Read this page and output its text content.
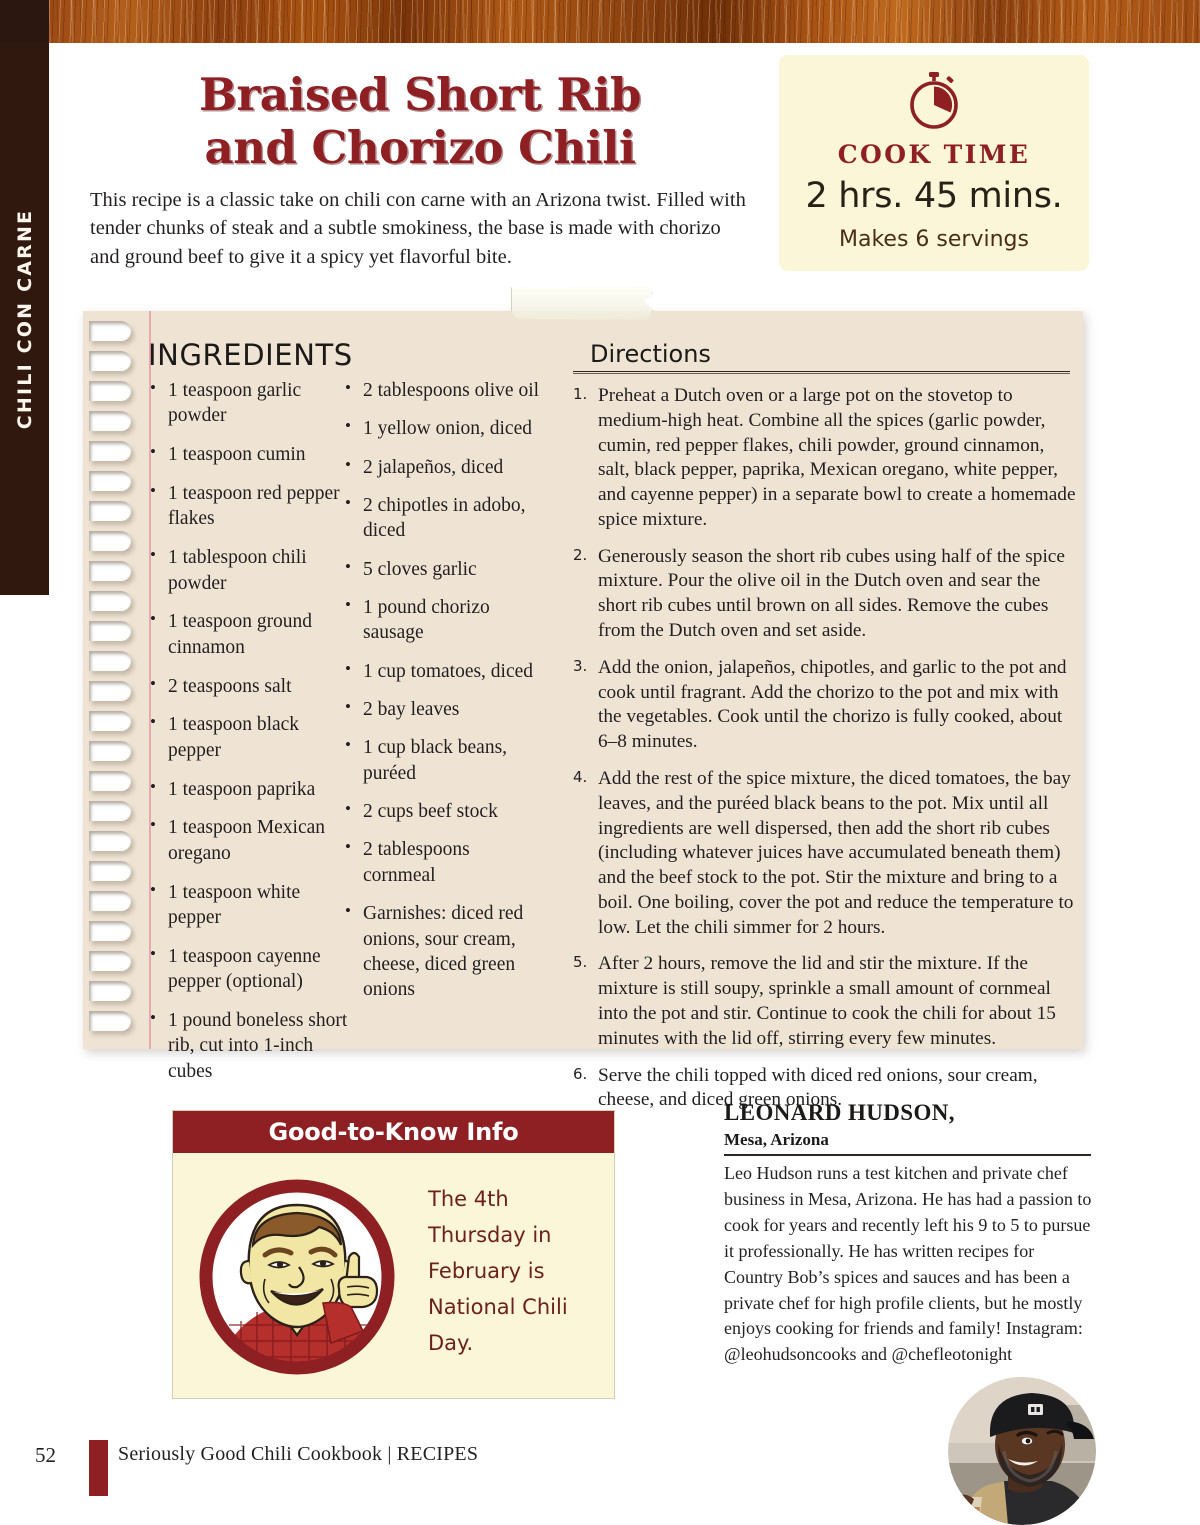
CHILI CON CARNE
Braised Short Rib
and Chorizo Chili
This recipe is a classic take on chili con carne with an Arizona twist. Filled with tender chunks of steak and a subtle smokiness, the base is made with chorizo and ground beef to give it a spicy yet flavorful bite.
COOK TIME
2 hrs. 45 mins.
Makes 6 servings
INGREDIENTS	Directions
• 1 teaspoon garlic powder
• 1 teaspoon cumin
• 1 teaspoon red pepper flakes
• 1 tablespoon chili powder
• 1 teaspoon ground cinnamon
• 2 teaspoons salt
• 1 teaspoon black pepper
• 1 teaspoon paprika
• 1 teaspoon Mexican oregano
• 1 teaspoon white pepper
• 1 teaspoon cayenne pepper (optional)
• 1 pound boneless short rib, cut into 1-inch cubes
• 2 tablespoons olive oil
• 1 yellow onion, diced
• 2 jalapeños, diced
• 2 chipotles in adobo, diced
• 5 cloves garlic
• 1 pound chorizo sausage
• 1 cup tomatoes, diced
• 2 bay leaves
• 1 cup black beans, puréed
• 2 cups beef stock
• 2 tablespoons cornmeal
• Garnishes: diced red onions, sour cream, cheese, diced green onions
Preheat a Dutch oven or a large pot on the stovetop to medium-high heat. Combine all the spices (garlic powder, cumin, red pepper flakes, chili powder, ground cinnamon, salt, black pepper, paprika, Mexican oregano, white pepper, and cayenne pepper) in a separate bowl to create a homemade spice mixture.
Generously season the short rib cubes using half of the spice mixture. Pour the olive oil in the Dutch oven and sear the short rib cubes until brown on all sides. Remove the cubes from the Dutch oven and set aside.
Add the onion, jalapeños, chipotles, and garlic to the pot and cook until fragrant. Add the chorizo to the pot and mix with the vegetables. Cook until the chorizo is fully cooked, about 6–8 minutes.
Add the rest of the spice mixture, the diced tomatoes, the bay leaves, and the puréed black beans to the pot. Mix until all ingredients are well dispersed, then add the short rib cubes (including whatever juices have accumulated beneath them) and the beef stock to the pot. Stir the mixture and bring to a boil. One boiling, cover the pot and reduce the temperature to low. Let the chili simmer for 2 hours.
After 2 hours, remove the lid and stir the mixture. If the mixture is still soupy, sprinkle a small amount of cornmeal into the pot and stir. Continue to cook the chili for about 15 minutes with the lid off, stirring every few minutes.
Serve the chili topped with diced red onions, sour cream, cheese, and diced green onions.
Good-to-Know Info
The 4th Thursday in February is National Chili Day.
LEONARD HUDSON,
Mesa, Arizona
Leo Hudson runs a test kitchen and private chef business in Mesa, Arizona. He has had a passion to cook for years and recently left his 9 to 5 to pursue it professionally. He has written recipes for Country Bob’s spices and sauces and has been a private chef for high profile clients, but he mostly enjoys cooking for friends and family! Instagram: @leohudsoncooks and @chefleotonight
52	Seriously Good Chili Cookbook | RECIPES
